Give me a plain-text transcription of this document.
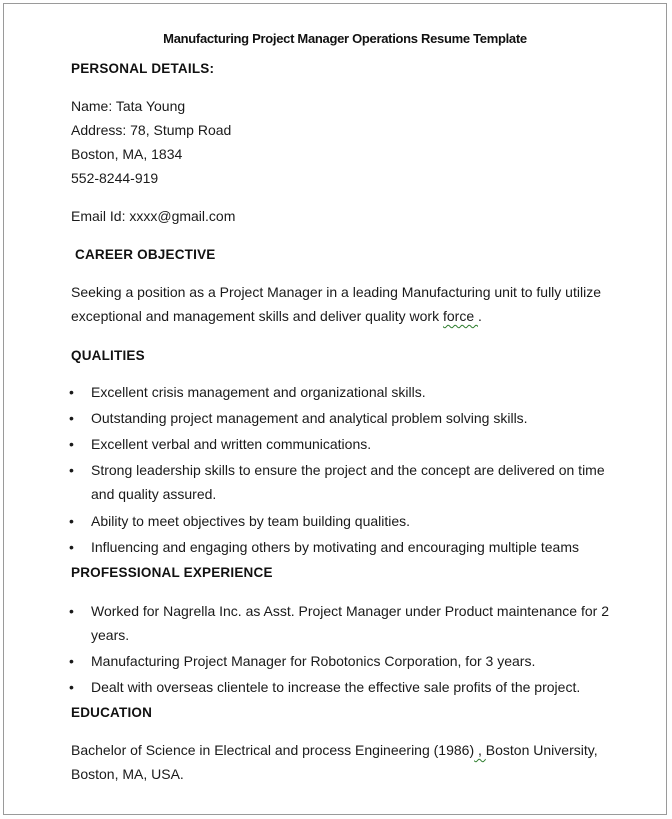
Manufacturing Project Manager Operations Resume Template
PERSONAL DETAILS:
Name: Tata Young
Address: 78, Stump Road
Boston, MA, 1834
552-8244-919
Email Id: xxxx@gmail.com
CAREER OBJECTIVE
Seeking a position as a Project Manager in a leading Manufacturing unit to fully utilize exceptional and management skills and deliver quality work force .
QUALITIES
• Excellent crisis management and organizational skills.
• Outstanding project management and analytical problem solving skills.
• Excellent verbal and written communications.
• Strong leadership skills to ensure the project and the concept are delivered on time and quality assured.
• Ability to meet objectives by team building qualities.
• Influencing and engaging others by motivating and encouraging multiple teams
PROFESSIONAL EXPERIENCE
• Worked for Nagrella Inc. as Asst. Project Manager under Product maintenance for 2 years.
• Manufacturing Project Manager for Robotonics Corporation, for 3 years.
• Dealt with overseas clientele to increase the effective sale profits of the project.
EDUCATION
Bachelor of Science in Electrical and process Engineering (1986) , Boston University, Boston, MA, USA.
